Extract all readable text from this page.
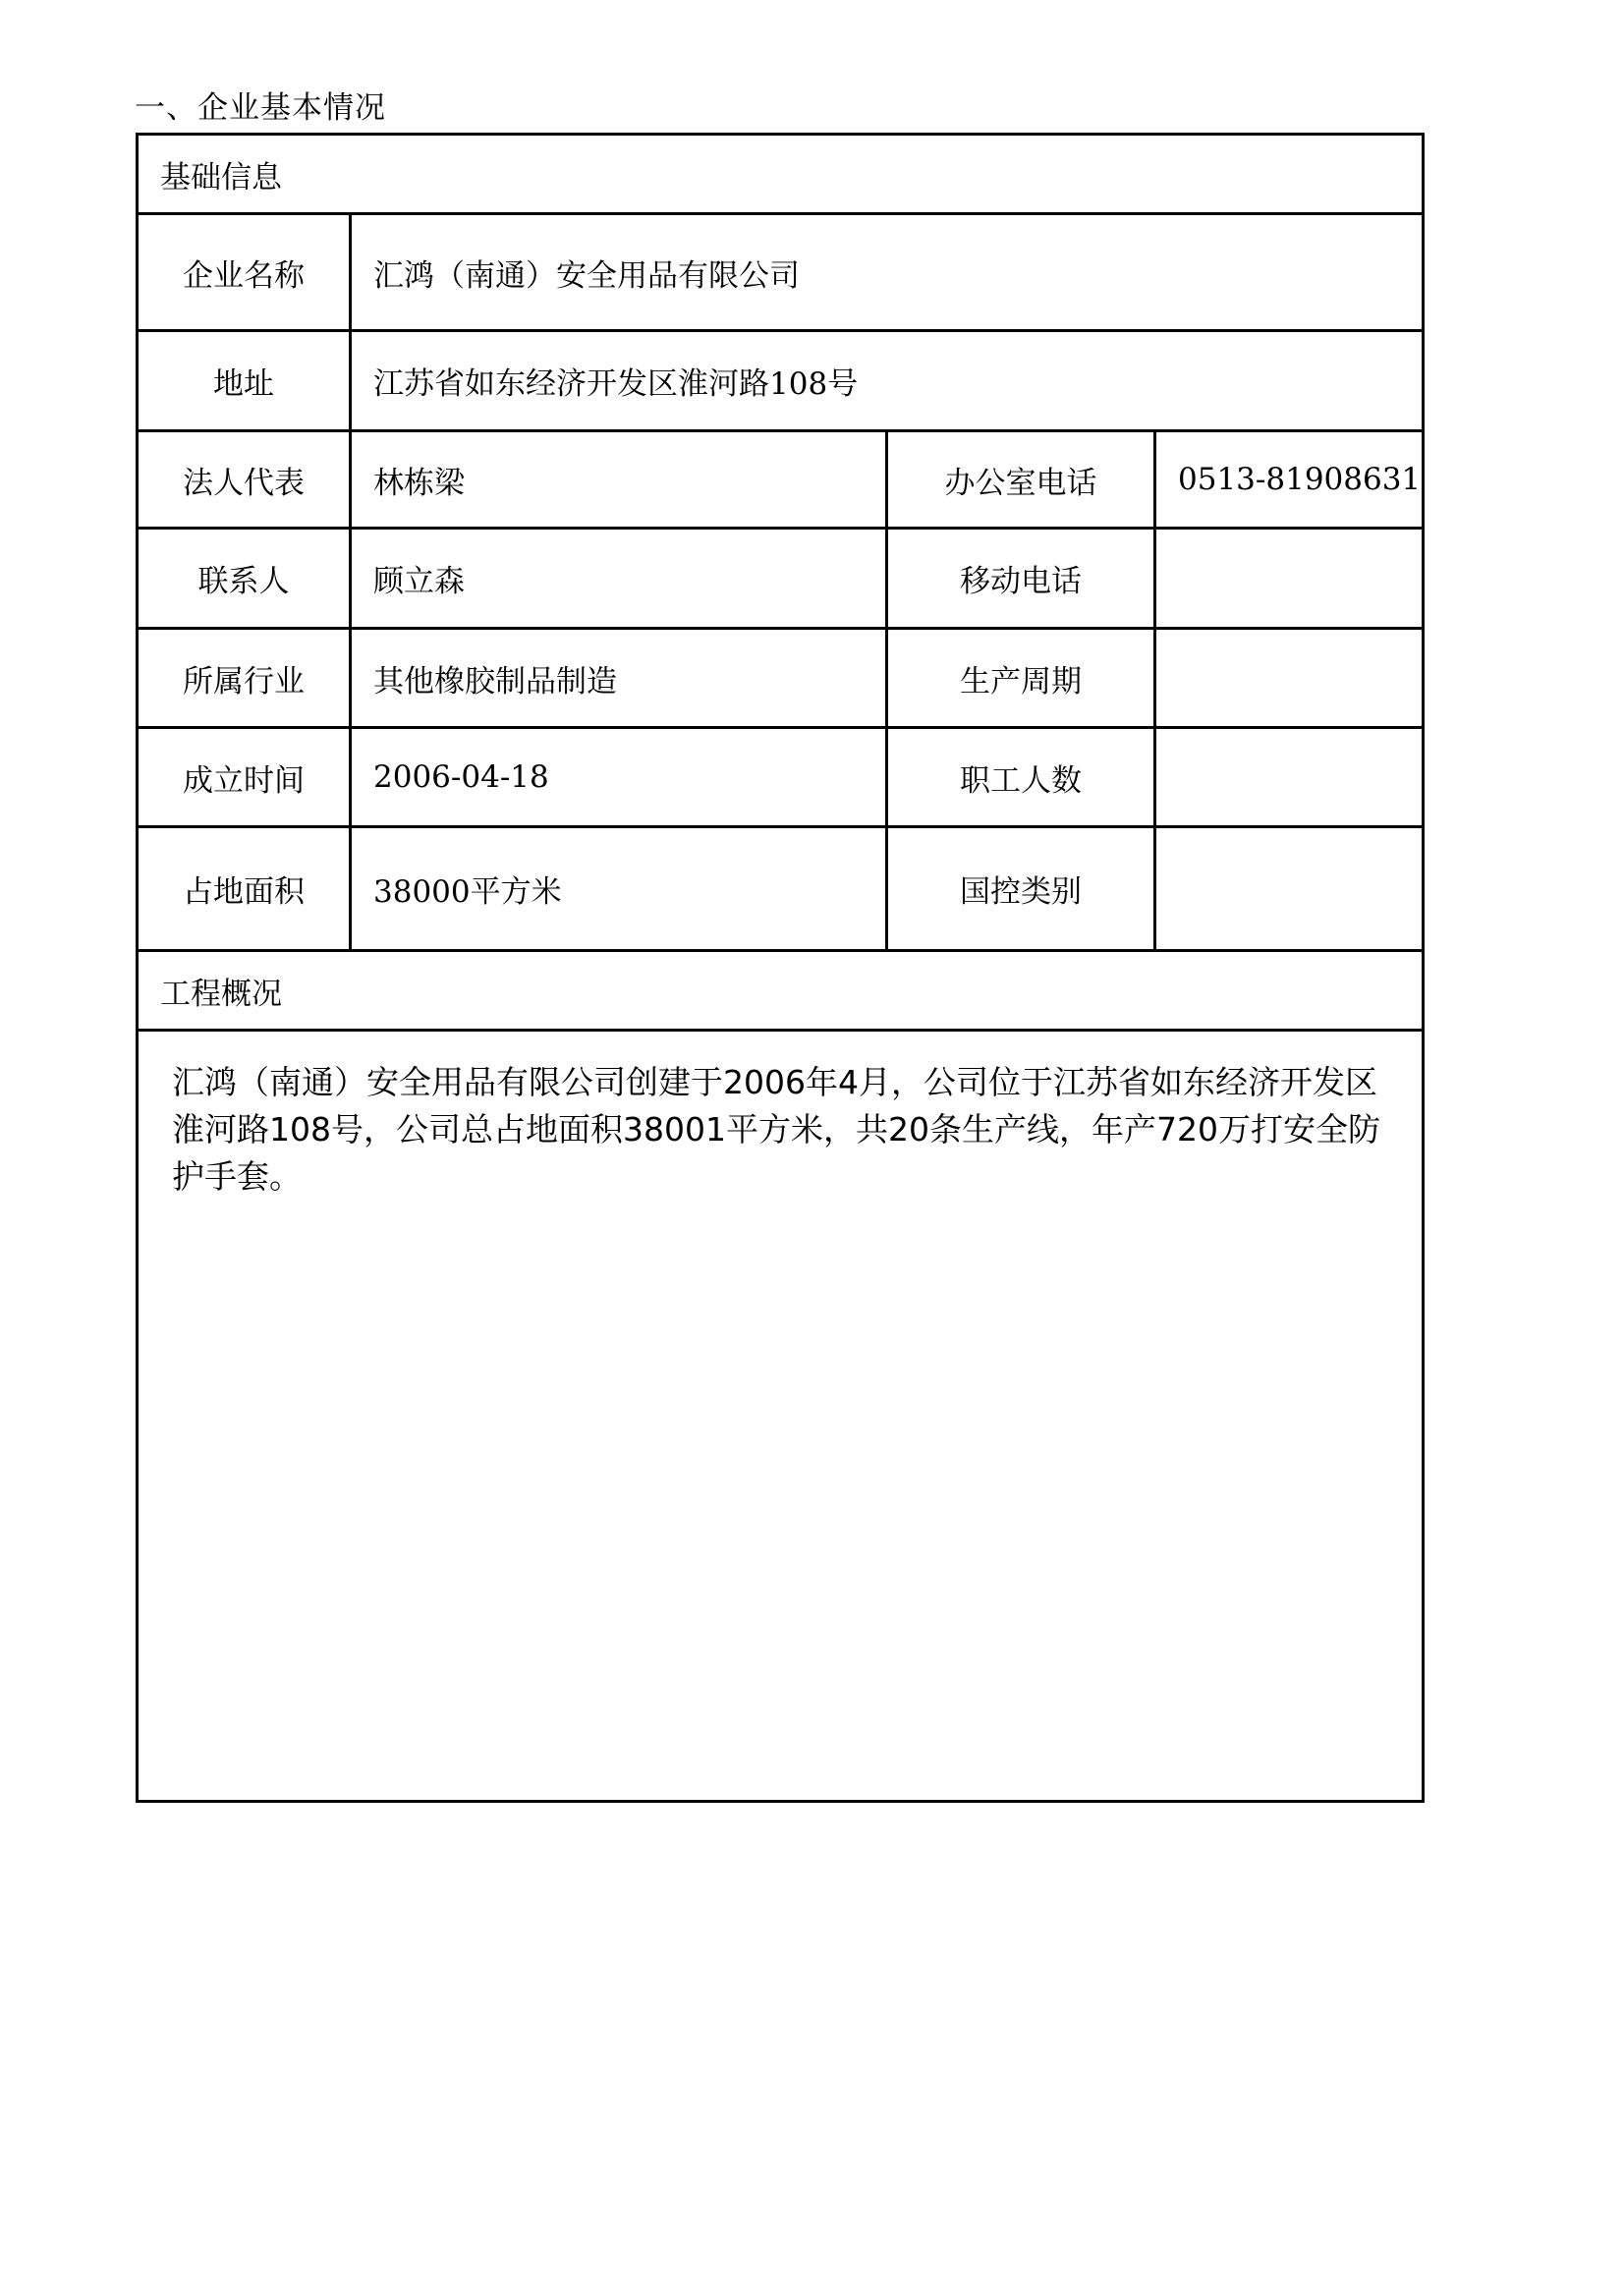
一、企业基本情况
基础信息			
企业名称	汇鸿（南通）安全用品有限公司		
地址	江苏省如东经济开发区淮河路108号		
法人代表	林栋梁	办公室电话	0513-81908631
联系人	顾立森	移动电话	
所属行业	其他橡胶制品制造	生产周期	
成立时间	2006-04-18	职工人数	
占地面积	38000平方米	国控类别	
工程概况			
汇鸿（南通）安全用品有限公司创建于2006年4月，公司位于江苏省如东经济开发区淮河路108号，公司总占地面积38001平方米，共20条生产线，年产720万打安全防护手套。			
